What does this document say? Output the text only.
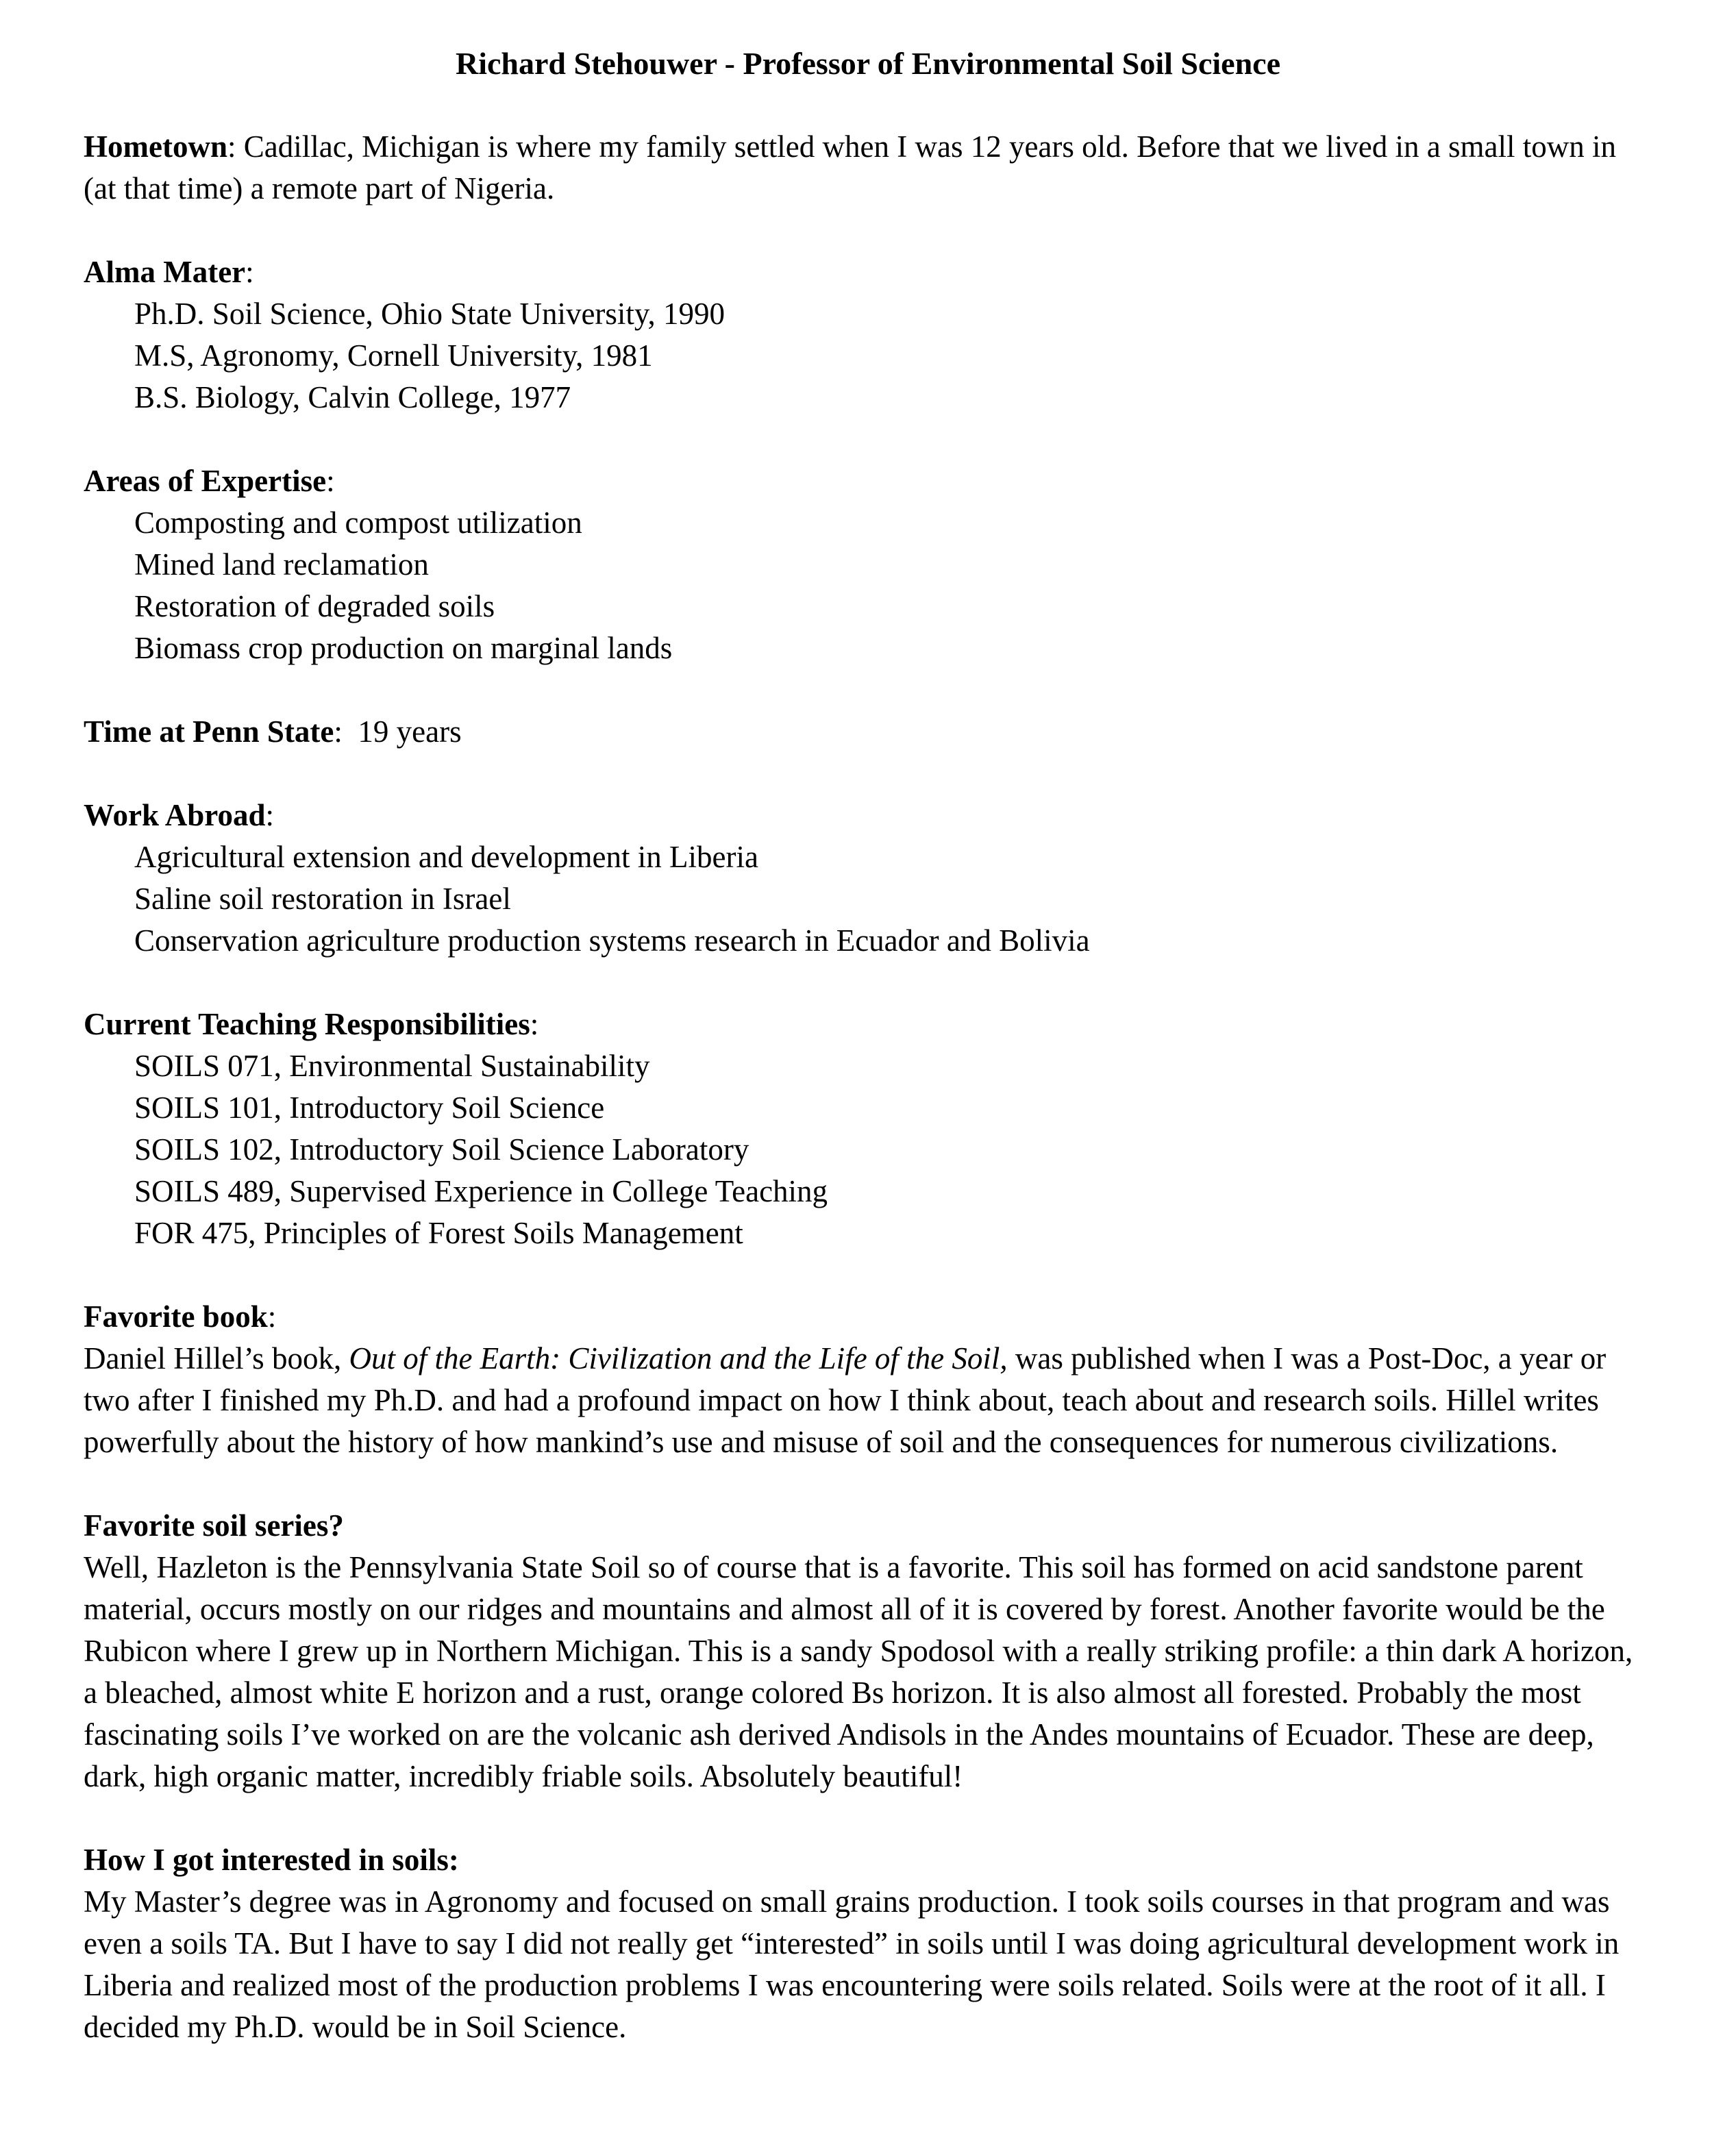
Richard Stehouwer - Professor of Environmental Soil Science

Hometown: Cadillac, Michigan is where my family settled when I was 12 years old. Before that we lived in a small town in (at that time) a remote part of Nigeria.

Alma Mater:

Ph.D. Soil Science, Ohio State University, 1990
M.S, Agronomy, Cornell University, 1981
B.S. Biology, Calvin College, 1977

Areas of Expertise:

Composting and compost utilization
Mined land reclamation
Restoration of degraded soils
Biomass crop production on marginal lands

Time at Penn State:  19 years

Work Abroad:

Agricultural extension and development in Liberia
Saline soil restoration in Israel
Conservation agriculture production systems research in Ecuador and Bolivia

Current Teaching Responsibilities:

SOILS 071, Environmental Sustainability
SOILS 101, Introductory Soil Science
SOILS 102, Introductory Soil Science Laboratory
SOILS 489, Supervised Experience in College Teaching
FOR 475, Principles of Forest Soils Management

Favorite book:

Daniel Hillel’s book, Out of the Earth: Civilization and the Life of the Soil, was published when I was a Post-Doc, a year or two after I finished my Ph.D. and had a profound impact on how I think about, teach about and research soils. Hillel writes powerfully about the history of how mankind’s use and misuse of soil and the consequences for numerous civilizations.

Favorite soil series?

Well, Hazleton is the Pennsylvania State Soil so of course that is a favorite. This soil has formed on acid sandstone parent material, occurs mostly on our ridges and mountains and almost all of it is covered by forest. Another favorite would be the Rubicon where I grew up in Northern Michigan. This is a sandy Spodosol with a really striking profile: a thin dark A horizon, a bleached, almost white E horizon and a rust, orange colored Bs horizon. It is also almost all forested. Probably the most fascinating soils I’ve worked on are the volcanic ash derived Andisols in the Andes mountains of Ecuador. These are deep, dark, high organic matter, incredibly friable soils. Absolutely beautiful!

How I got interested in soils:

My Master’s degree was in Agronomy and focused on small grains production. I took soils courses in that program and was even a soils TA. But I have to say I did not really get “interested” in soils until I was doing agricultural development work in Liberia and realized most of the production problems I was encountering were soils related. Soils were at the root of it all. I decided my Ph.D. would be in Soil Science.
